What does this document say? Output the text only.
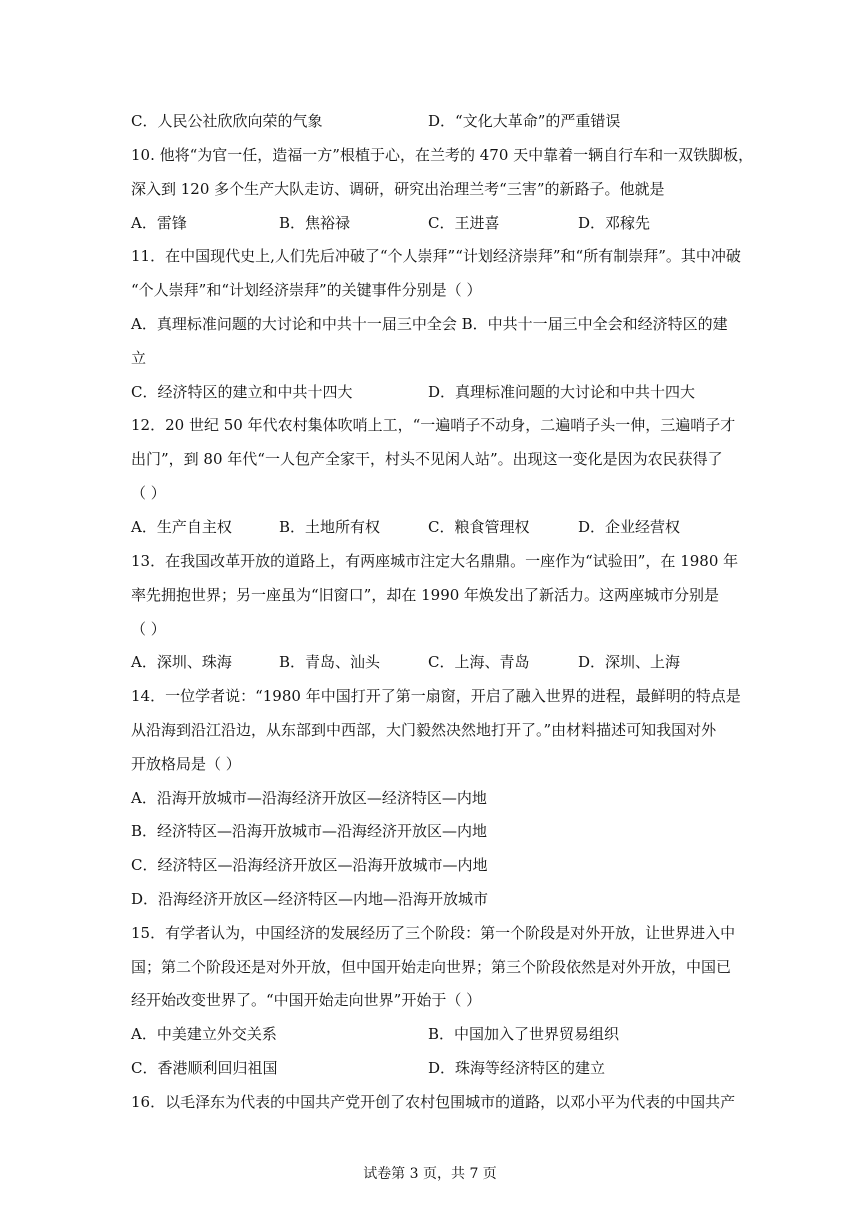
C．人民公社欣欣向荣的气象	D．“文化大革命”的严重错误
10. 他将“为官一任，造福一方”根植于心，在兰考的 470 天中靠着一辆自行车和一双铁脚板，
深入到 120 多个生产大队走访、调研，研究出治理兰考“三害”的新路子。他就是
A．雷锋	B．焦裕禄	C．王进喜	D．邓稼先
11．在中国现代史上,人们先后冲破了“个人崇拜”“计划经济崇拜”和“所有制崇拜”。其中冲破
“个人崇拜”和“计划经济崇拜”的关键事件分别是（ ）
A．真理标准问题的大讨论和中共十一届三中全会 B．中共十一届三中全会和经济特区的建
立
C．经济特区的建立和中共十四大	D．真理标准问题的大讨论和中共十四大
12．20 世纪 50 年代农村集体吹哨上工，“一遍哨子不动身，二遍哨子头一伸，三遍哨子才
出门”，到 80 年代“一人包产全家干，村头不见闲人站”。出现这一变化是因为农民获得了
（ ）
A．生产自主权	B．土地所有权	C．粮食管理权	D．企业经营权
13．在我国改革开放的道路上，有两座城市注定大名鼎鼎。一座作为“试验田”，在 1980 年
率先拥抱世界；另一座虽为“旧窗口”，却在 1990 年焕发出了新活力。这两座城市分别是
（ ）
A．深圳、珠海	B．青岛、汕头	C．上海、青岛	D．深圳、上海
14．一位学者说：“1980 年中国打开了第一扇窗，开启了融入世界的进程，最鲜明的特点是
从沿海到沿江沿边，从东部到中西部，大门毅然决然地打开了。”由材料描述可知我国对外
开放格局是（ ）
A．沿海开放城市—沿海经济开放区—经济特区—内地
B．经济特区—沿海开放城市—沿海经济开放区—内地
C．经济特区—沿海经济开放区—沿海开放城市—内地
D．沿海经济开放区—经济特区—内地—沿海开放城市
15．有学者认为，中国经济的发展经历了三个阶段：第一个阶段是对外开放，让世界进入中
国；第二个阶段还是对外开放，但中国开始走向世界；第三个阶段依然是对外开放，中国已
经开始改变世界了。“中国开始走向世界”开始于（ ）
A．中美建立外交关系	B．中国加入了世界贸易组织
C．香港顺利回归祖国	D．珠海等经济特区的建立
16．以毛泽东为代表的中国共产党开创了农村包围城市的道路，以邓小平为代表的中国共产
试卷第 3 页，共 7 页
